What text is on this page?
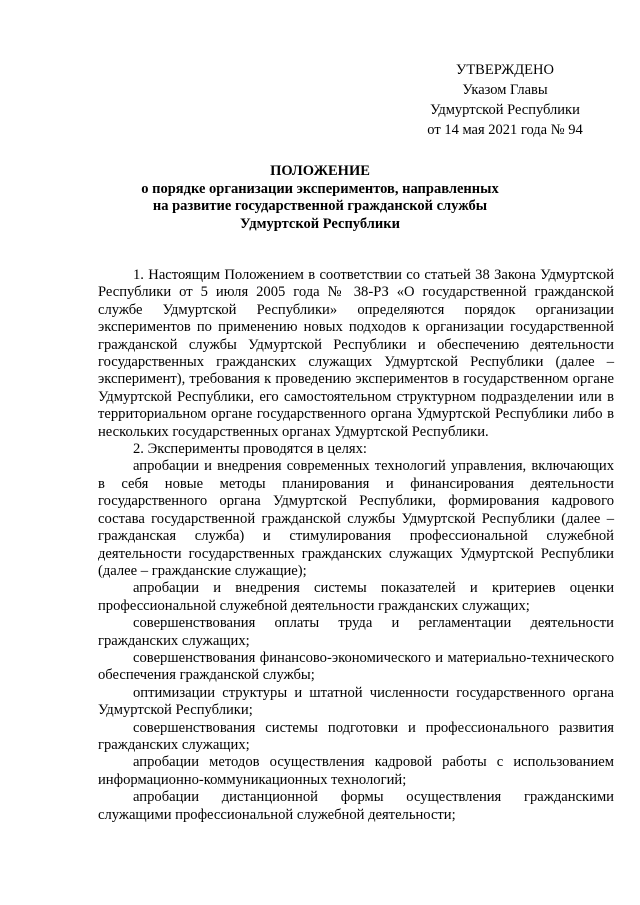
УТВЕРЖДЕНО
Указом Главы
Удмуртской Республики
от 14 мая 2021 года № 94
ПОЛОЖЕНИЕ
о порядке организации экспериментов, направленных
на развитие государственной гражданской службы
Удмуртской Республики

1. Настоящим Положением в соответствии со статьей 38 Закона Удмуртской Республики от 5 июля 2005 года № 38-РЗ «О государственной гражданской службе Удмуртской Республики» определяются порядок организации экспериментов по применению новых подходов к организации государственной гражданской службы Удмуртской Республики и обеспечению деятельности государственных гражданских служащих Удмуртской Республики (далее – эксперимент), требования к проведению экспериментов в государственном органе Удмуртской Республики, его самостоятельном структурном подразделении или в территориальном органе государственного органа Удмуртской Республики либо в нескольких государственных органах Удмуртской Республики.

2. Эксперименты проводятся в целях:

апробации и внедрения современных технологий управления, включающих в себя новые методы планирования и финансирования деятельности государственного органа Удмуртской Республики, формирования кадрового состава государственной гражданской службы Удмуртской Республики (далее – гражданская служба) и стимулирования профессиональной служебной деятельности государственных гражданских служащих Удмуртской Республики (далее – гражданские служащие);

апробации и внедрения системы показателей и критериев оценки профессиональной служебной деятельности гражданских служащих;

совершенствования оплаты труда и регламентации деятельности гражданских служащих;

совершенствования финансово-экономического и материально-технического обеспечения гражданской службы;

оптимизации структуры и штатной численности государственного органа Удмуртской Республики;

совершенствования системы подготовки и профессионального развития гражданских служащих;

апробации методов осуществления кадровой работы с использованием информационно-коммуникационных технологий;

апробации дистанционной формы осуществления гражданскими служащими профессиональной служебной деятельности;
